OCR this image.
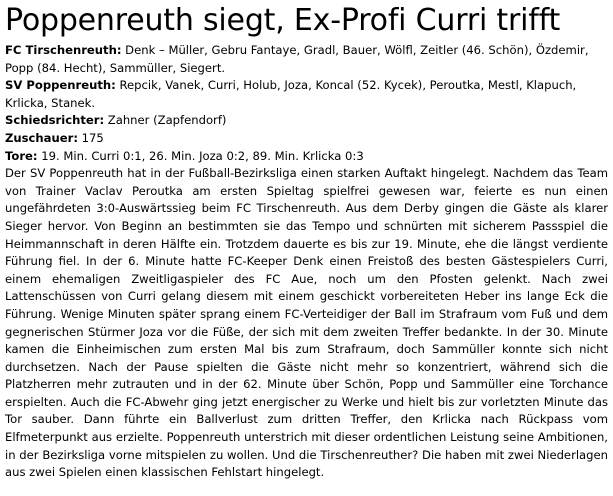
Poppenreuth siegt, Ex-Profi Curri trifft

FC Tirschenreuth: Denk – Müller, Gebru Fantaye, Gradl, Bauer, Wölfl, Zeitler (46. Schön), Özdemir, Popp (84. Hecht), Sammüller, Siegert.

SV Poppenreuth: Repcik, Vanek, Curri, Holub, Joza, Koncal (52. Kycek), Peroutka, Mestl, Klapuch, Krlicka, Stanek.

Schiedsrichter: Zahner (Zapfendorf)

Zuschauer: 175

Tore: 19. Min. Curri 0:1, 26. Min. Joza 0:2, 89. Min. Krlicka 0:3

Der SV Poppenreuth hat in der Fußball-Bezirksliga einen starken Auftakt hingelegt. Nachdem das Team von Trainer Vaclav Peroutka am ersten Spieltag spielfrei gewesen war, feierte es nun einen ungefährdeten 3:0-Auswärtssieg beim FC Tirschenreuth. Aus dem Derby gingen die Gäste als klarer Sieger hervor. Von Beginn an bestimmten sie das Tempo und schnürten mit sicherem Passspiel die Heimmannschaft in deren Hälfte ein. Trotzdem dauerte es bis zur 19. Minute, ehe die längst verdiente Führung fiel. In der 6. Minute hatte FC-Keeper Denk einen Freistoß des besten Gästespielers Curri, einem ehemaligen Zweitligaspieler des FC Aue, noch um den Pfosten gelenkt. Nach zwei Lattenschüssen von Curri gelang diesem mit einem geschickt vorbereiteten Heber ins lange Eck die Führung. Wenige Minuten später sprang einem FC-Verteidiger der Ball im Strafraum vom Fuß und dem gegnerischen Stürmer Joza vor die Füße, der sich mit dem zweiten Treffer bedankte. In der 30. Minute kamen die Einheimischen zum ersten Mal bis zum Strafraum, doch Sammüller konnte sich nicht durchsetzen. Nach der Pause spielten die Gäste nicht mehr so konzentriert, während sich die Platzherren mehr zutrauten und in der 62. Minute über Schön, Popp und Sammüller eine Torchance erspielten. Auch die FC-Abwehr ging jetzt energischer zu Werke und hielt bis zur vorletzten Minute das Tor sauber. Dann führte ein Ballverlust zum dritten Treffer, den Krlicka nach Rückpass vom Elfmeterpunkt aus erzielte. Poppenreuth unterstrich mit dieser ordentlichen Leistung seine Ambitionen, in der Bezirksliga vorne mitspielen zu wollen. Und die Tirschenreuther? Die haben mit zwei Niederlagen aus zwei Spielen einen klassischen Fehlstart hingelegt.
